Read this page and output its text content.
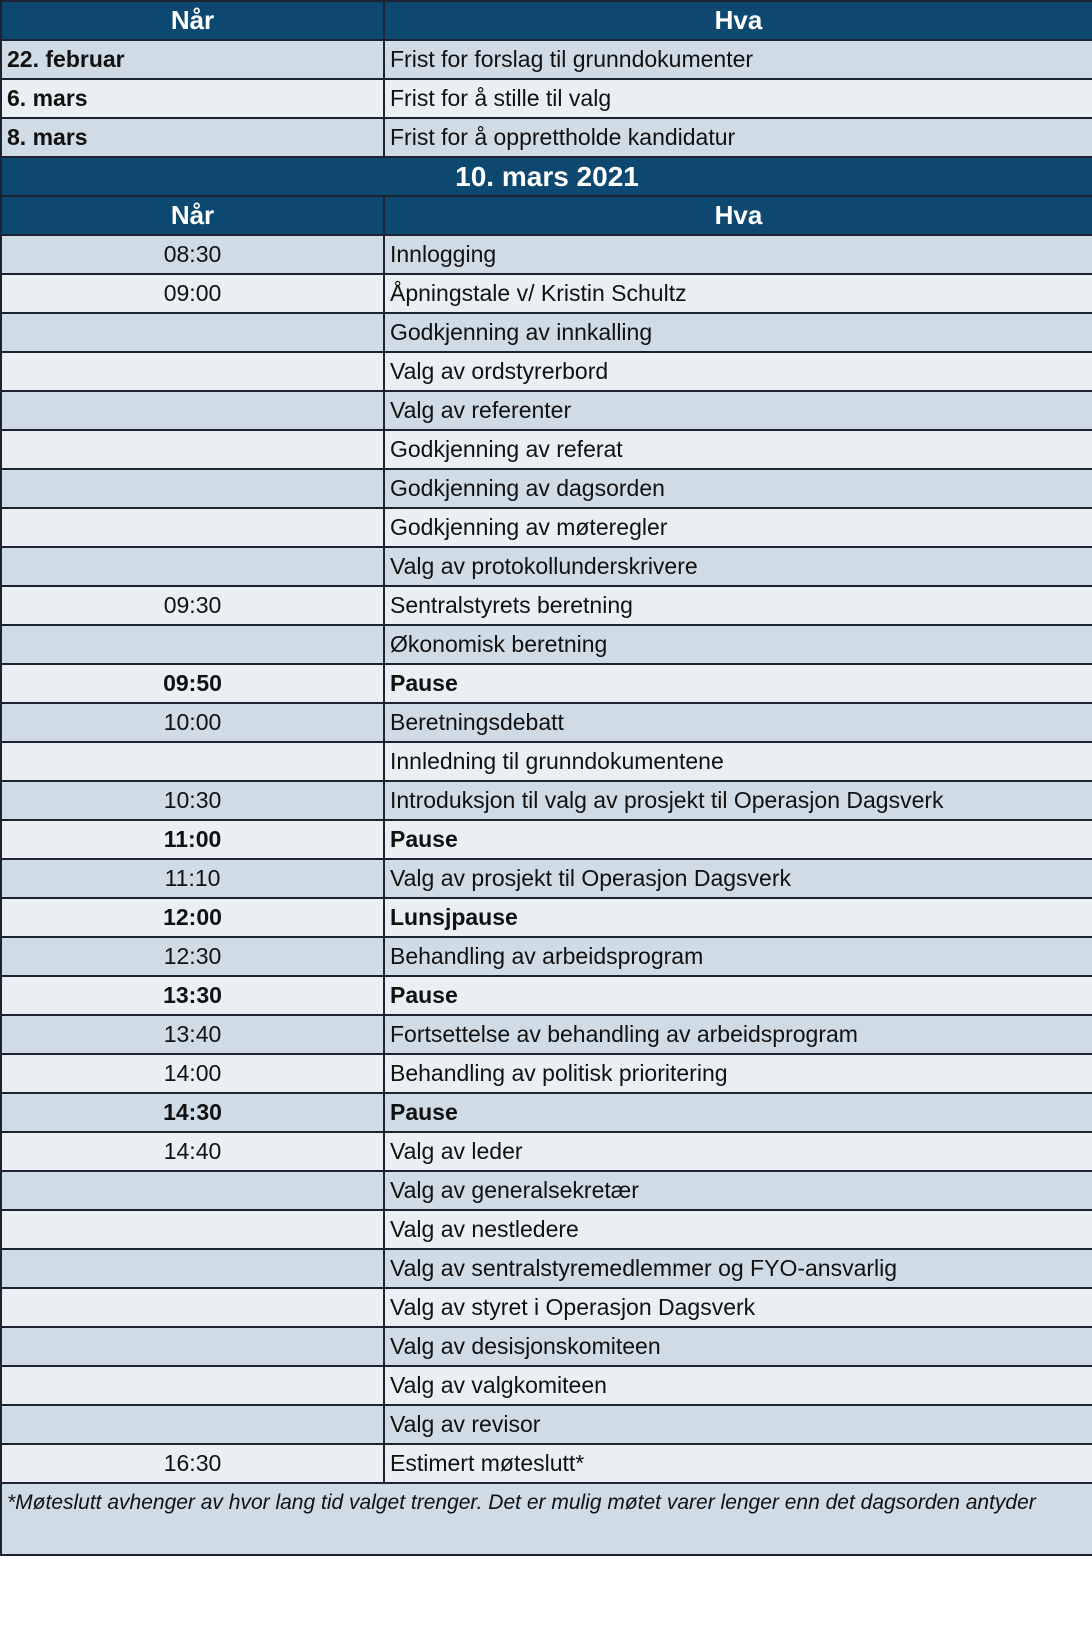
Når	Hva
22. februar	Frist for forslag til grunndokumenter
6. mars	Frist for å stille til valg
8. mars	Frist for å opprettholde kandidatur
10. mars 2021	
Når	Hva
08:30	Innlogging
09:00	Åpningstale v/ Kristin Schultz
	Godkjenning av innkalling
	Valg av ordstyrerbord
	Valg av referenter
	Godkjenning av referat
	Godkjenning av dagsorden
	Godkjenning av møteregler
	Valg av protokollunderskrivere
09:30	Sentralstyrets beretning
	Økonomisk beretning
09:50	Pause
10:00	Beretningsdebatt
	Innledning til grunndokumentene
10:30	Introduksjon til valg av prosjekt til Operasjon Dagsverk
11:00	Pause
11:10	Valg av prosjekt til Operasjon Dagsverk
12:00	Lunsjpause
12:30	Behandling av arbeidsprogram
13:30	Pause
13:40	Fortsettelse av behandling av arbeidsprogram
14:00	Behandling av politisk prioritering
14:30	Pause
14:40	Valg av leder
	Valg av generalsekretær
	Valg av nestledere
	Valg av sentralstyremedlemmer og FYO-ansvarlig
	Valg av styret i Operasjon Dagsverk
	Valg av desisjonskomiteen
	Valg av valgkomiteen
	Valg av revisor
16:30	Estimert møteslutt*
*Møteslutt avhenger av hvor lang tid valget trenger. Det er mulig møtet varer lenger enn det dagsorden antyder	
